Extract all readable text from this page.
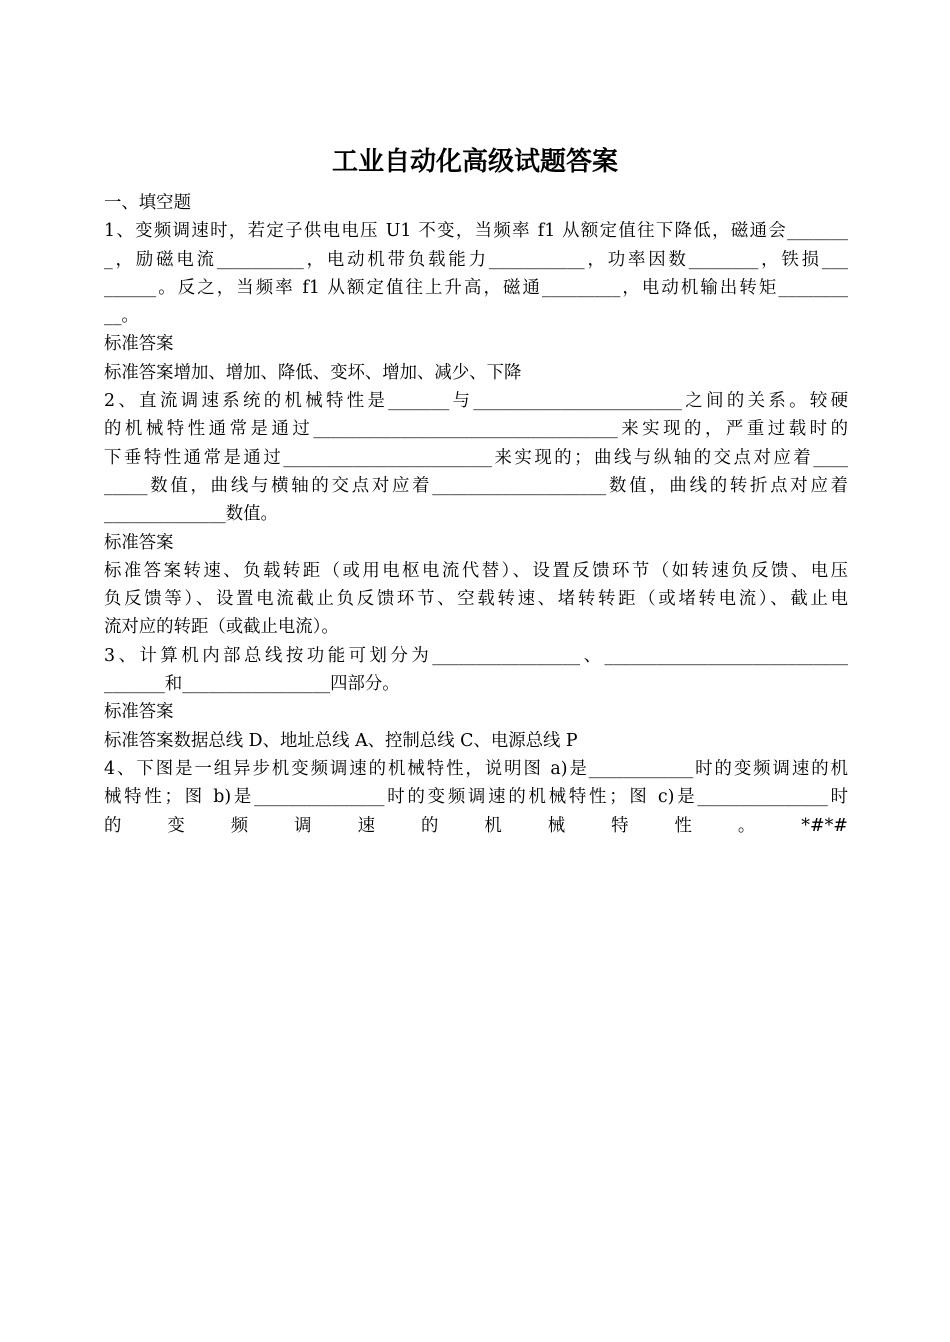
工业自动化高级试题答案
一、填空题
1、变频调速时，若定子供电电压 U1 不变，当频率 f1 从额定值往下降低，磁通会_______
_，励磁电流__________，电动机带负载能力___________，功率因数________，铁损___
______。反之，当频率 f1 从额定值往上升高，磁通_________，电动机输出转矩________
__。
标准答案
标准答案增加、增加、降低、变坏、增加、减少、下降
2、直流调速系统的机械特性是_______与________________________之间的关系。较硬
的机械特性通常是通过___________________________________来实现的，严重过载时的
下垂特性通常是通过________________________来实现的；曲线与纵轴的交点对应着____
_____数值，曲线与横轴的交点对应着____________________数值，曲线的转折点对应着
______________数值。
标准答案
标准答案转速、负载转距（或用电枢电流代替）、设置反馈环节（如转速负反馈、电压
负反馈等）、设置电流截止负反馈环节、空载转速、堵转转距（或堵转电流）、截止电
流对应的转距（或截止电流）。
3、计算机内部总线按功能可划分为_________________、____________________________
_______和_________________四部分。
标准答案
标准答案数据总线 D、地址总线 A、控制总线 C、电源总线 P
4、下图是一组异步机变频调速的机械特性，说明图 a)是____________时的变频调速的机
械特性；图 b)是_______________时的变频调速的机械特性；图 c)是_______________时
的	变	频	调	速	的	机	械	特	性	。	*#*#
